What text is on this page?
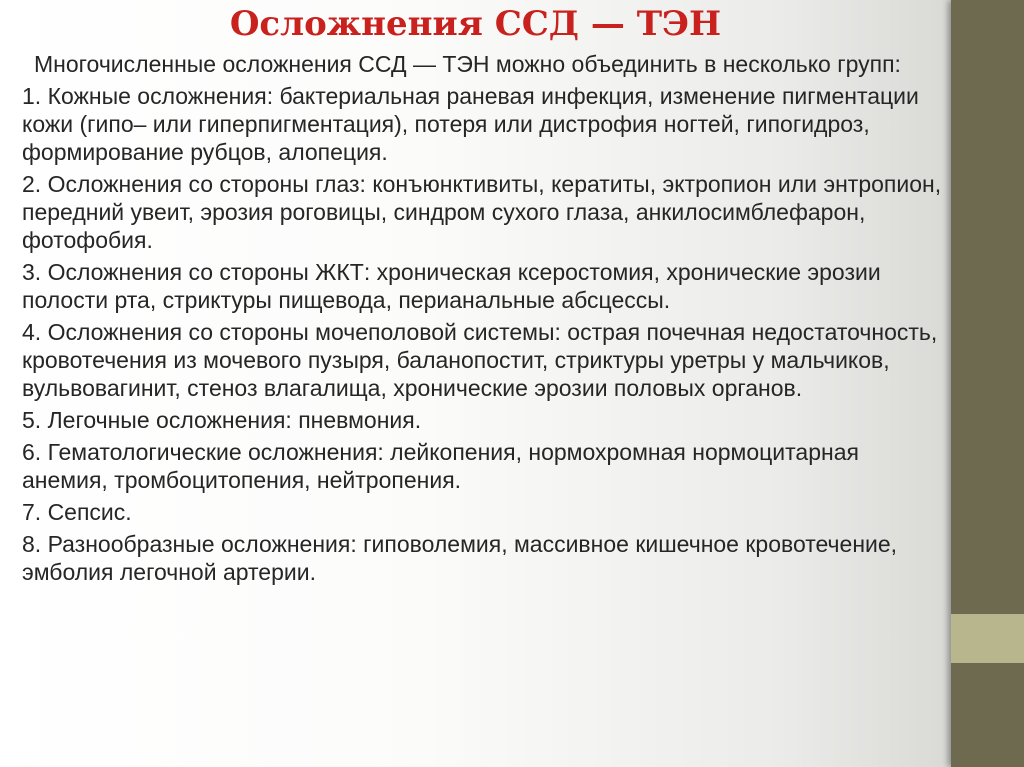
Осложнения ССД — ТЭН

Многочисленные осложнения ССД — ТЭН можно объединить в несколько групп:

1. Кожные осложнения: бактериальная раневая инфекция, изменение пигментации кожи (гипо– или гиперпигментация), потеря или дистрофия ногтей, гипогидроз, формирование рубцов, алопеция.

2. Осложнения со стороны глаз: конъюнктивиты, кератиты, эктропион или энтропион, передний увеит, эрозия роговицы, синдром сухого глаза, анкилосимблефарон, фотофобия.

3. Осложнения со стороны ЖКТ: хроническая ксеростомия, хронические эрозии полости рта, стриктуры пищевода, перианальные абсцессы.

4. Осложнения со стороны мочеполовой системы: острая почечная недостаточность, кровотечения из мочевого пузыря, баланопостит, стриктуры уретры у мальчиков, вульвовагинит, стеноз влагалища, хронические эрозии половых органов.

5. Легочные осложнения: пневмония.

6. Гематологические осложнения: лейкопения, нормохромная нормоцитарная анемия, тромбоцитопения, нейтропения.

7. Сепсис.

8. Разнообразные осложнения: гиповолемия, массивное кишечное кровотечение, эмболия легочной артерии.
